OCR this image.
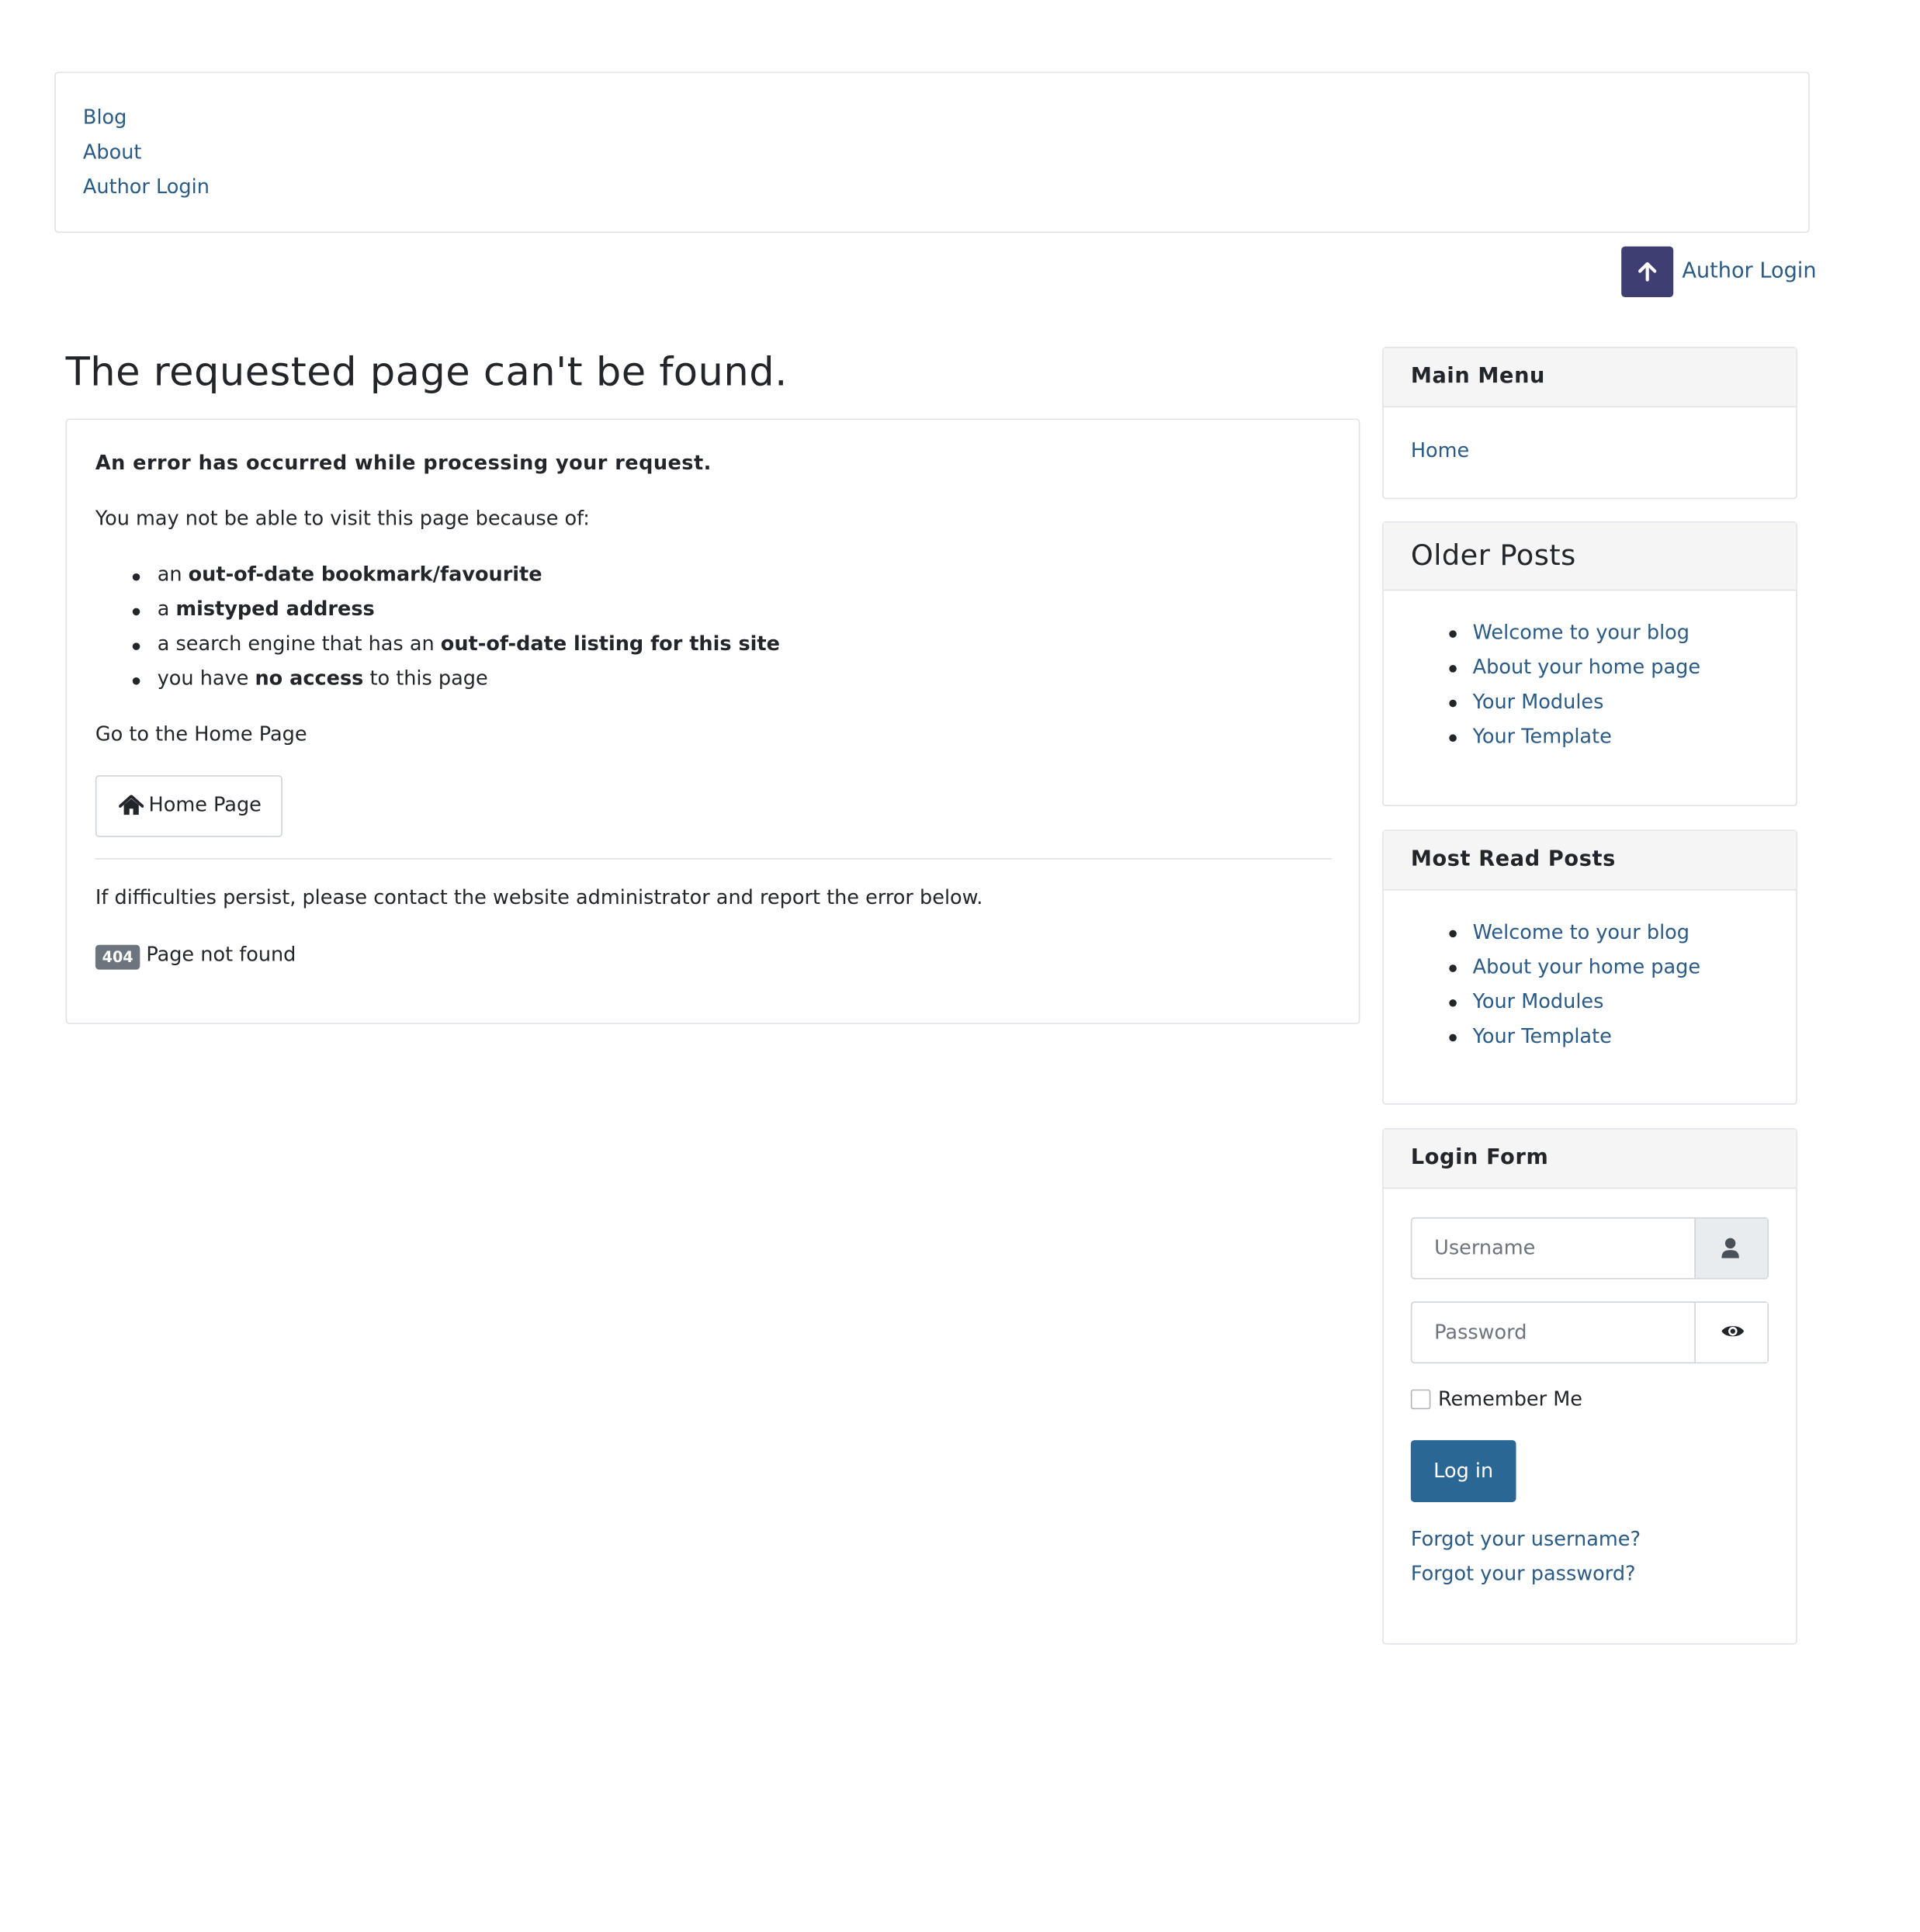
Blog
About
Author Login
Author Login
The requested page can't be found.
An error has occurred while processing your request.
You may not be able to visit this page because of:
an out-of-date bookmark/favourite
a mistyped address
a search engine that has an out-of-date listing for this site
you have no access to this page
Go to the Home Page
Home Page
If difficulties persist, please contact the website administrator and report the error below.
404	Page not found
Main Menu
Home
Older Posts
Welcome to your blog
About your home page
Your Modules
Your Template
Most Read Posts
Welcome to your blog
About your home page
Your Modules
Your Template
Login Form
Username
Remember Me
Log in
Forgot your username?
Forgot your password?
